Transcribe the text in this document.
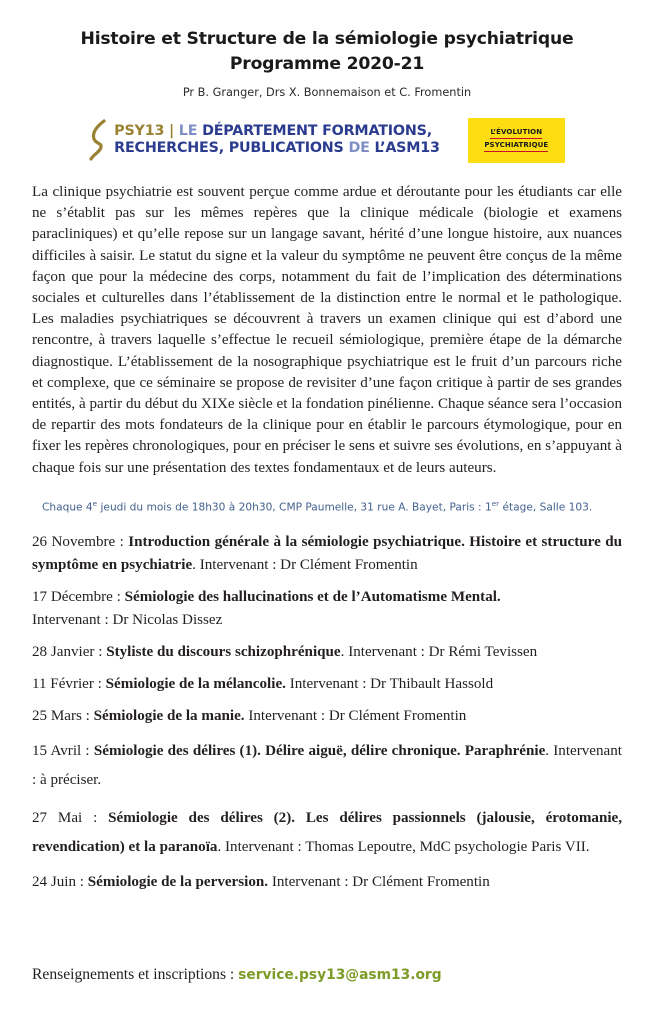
Histoire et Structure de la sémiologie psychiatrique
Programme 2020-21
Pr B. Granger, Drs X. Bonnemaison et C. Fromentin
PSY13 | LE DÉPARTEMENT FORMATIONS,
RECHERCHES, PUBLICATIONS DE L’ASM13
L’ÉVOLUTION
PSYCHIATRIQUE

La clinique psychiatrie est souvent perçue comme ardue et déroutante pour les étudiants car elle ne s’établit pas sur les mêmes repères que la clinique médicale (biologie et examens paracliniques) et qu’elle repose sur un langage savant, hérité d’une longue histoire, aux nuances difficiles à saisir. Le statut du signe et la valeur du symptôme ne peuvent être conçus de la même façon que pour la médecine des corps, notamment du fait de l’implication des déterminations sociales et culturelles dans l’établissement de la distinction entre le normal et le pathologique. Les maladies psychiatriques se découvrent à travers un examen clinique qui est d’abord une rencontre, à travers laquelle s’effectue le recueil sémiologique, première étape de la démarche diagnostique. L’établissement de la nosographique psychiatrique est le fruit d’un parcours riche et complexe, que ce séminaire se propose de revisiter d’une façon critique à partir de ses grandes entités, à partir du début du XIXe siècle et la fondation pinélienne. Chaque séance sera l’occasion de repartir des mots fondateurs de la clinique pour en établir le parcours étymologique, pour en fixer les repères chronologiques, pour en préciser le sens et suivre ses évolutions, en s’appuyant à chaque fois sur une présentation des textes fondamentaux et de leurs auteurs.

Chaque 4e jeudi du mois de 18h30 à 20h30, CMP Paumelle, 31 rue A. Bayet, Paris : 1er étage, Salle 103.
26 Novembre : Introduction générale à la sémiologie psychiatrique. Histoire et structure du symptôme en psychiatrie. Intervenant : Dr Clément Fromentin
17 Décembre : Sémiologie des hallucinations et de l’Automatisme Mental.
Intervenant : Dr Nicolas Dissez
28 Janvier : Styliste du discours schizophrénique. Intervenant : Dr Rémi Tevissen
11 Février : Sémiologie de la mélancolie. Intervenant : Dr Thibault Hassold
25 Mars : Sémiologie de la manie. Intervenant : Dr Clément Fromentin
15 Avril : Sémiologie des délires (1). Délire aiguë, délire chronique. Paraphrénie. Intervenant : à préciser.
27 Mai : Sémiologie des délires (2). Les délires passionnels (jalousie, érotomanie, revendication) et la paranoïa. Intervenant : Thomas Lepoutre, MdC psychologie Paris VII.
24 Juin : Sémiologie de la perversion. Intervenant : Dr Clément Fromentin
Renseignements et inscriptions : service.psy13@asm13.org
